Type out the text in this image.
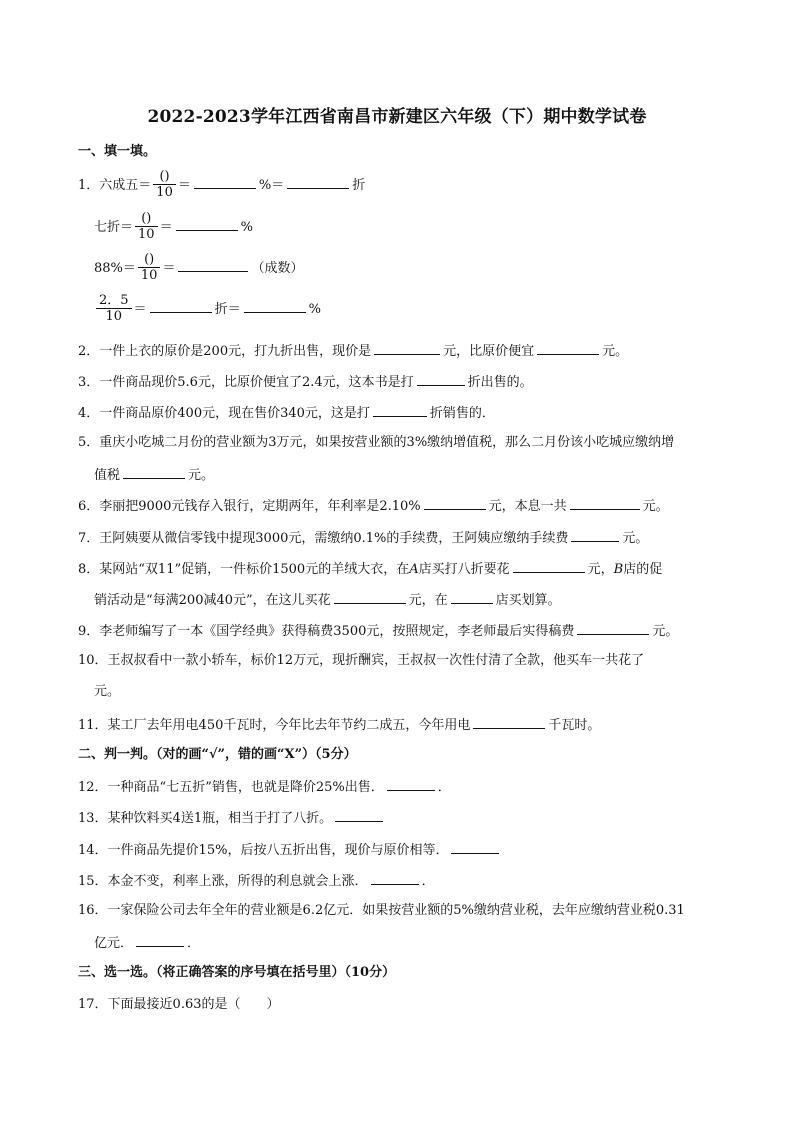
2022-2023学年江西省南昌市新建区六年级（下）期中数学试卷
一、填一填。
1．六成五＝ $\frac{()}{10}$ ＝	%＝	折
七折＝ $\frac{()}{10}$ ＝	%
$88\%= \frac{()}{10}$ ＝	（成数）
$\frac{2.5}{10}$ ＝	折＝	%
2．一件上衣的原价是200元，打九折出售，现价是	元，比原价便宜	元。
3．一件商品现价5.6元，比原价便宜了2.4元，这本书是打	折出售的。
4．一件商品原价400元，现在售价340元，这是打	折销售的．
5．重庆小吃城二月份的营业额为3万元，如果按营业额的3%缴纳增值税，那么二月份该小吃城应缴纳增
值税	元。
6．李丽把9000元钱存入银行，定期两年，年利率是2.10%	元，本息一共	元。
7．王阿姨要从微信零钱中提现3000元，需缴纳0.1%的手续费，王阿姨应缴纳手续费	元。
8．某网站“双11”促销，一件标价1500元的羊绒大衣，在A店买打八折要花	元，B店的促
销活动是“每满200减40元”，在这儿买花	元，在	店买划算。
9．李老师编写了一本《国学经典》获得稿费3500元，按照规定，李老师最后实得稿费	元。
10．王叔叔看中一款小轿车，标价12万元，现折酬宾，王叔叔一次性付清了全款，他买车一共花了
元。
11．某工厂去年用电450千瓦时，今年比去年节约二成五，今年用电	千瓦时。
二、判一判。（对的画“√”，错的画“X”）（5分）
12．一种商品“七五折”销售，也就是降价25%出售．	．
13．某种饮料买4送1瓶，相当于打了八折。
14．一件商品先提价15%，后按八五折出售，现价与原价相等．
15．本金不变，利率上涨，所得的利息就会上涨．	．
16．一家保险公司去年全年的营业额是6.2亿元．如果按营业额的5%缴纳营业税，去年应缴纳营业税0.31
亿元．	．
三、选一选。（将正确答案的序号填在括号里）（10分）
17．下面最接近0.63的是（　　）
